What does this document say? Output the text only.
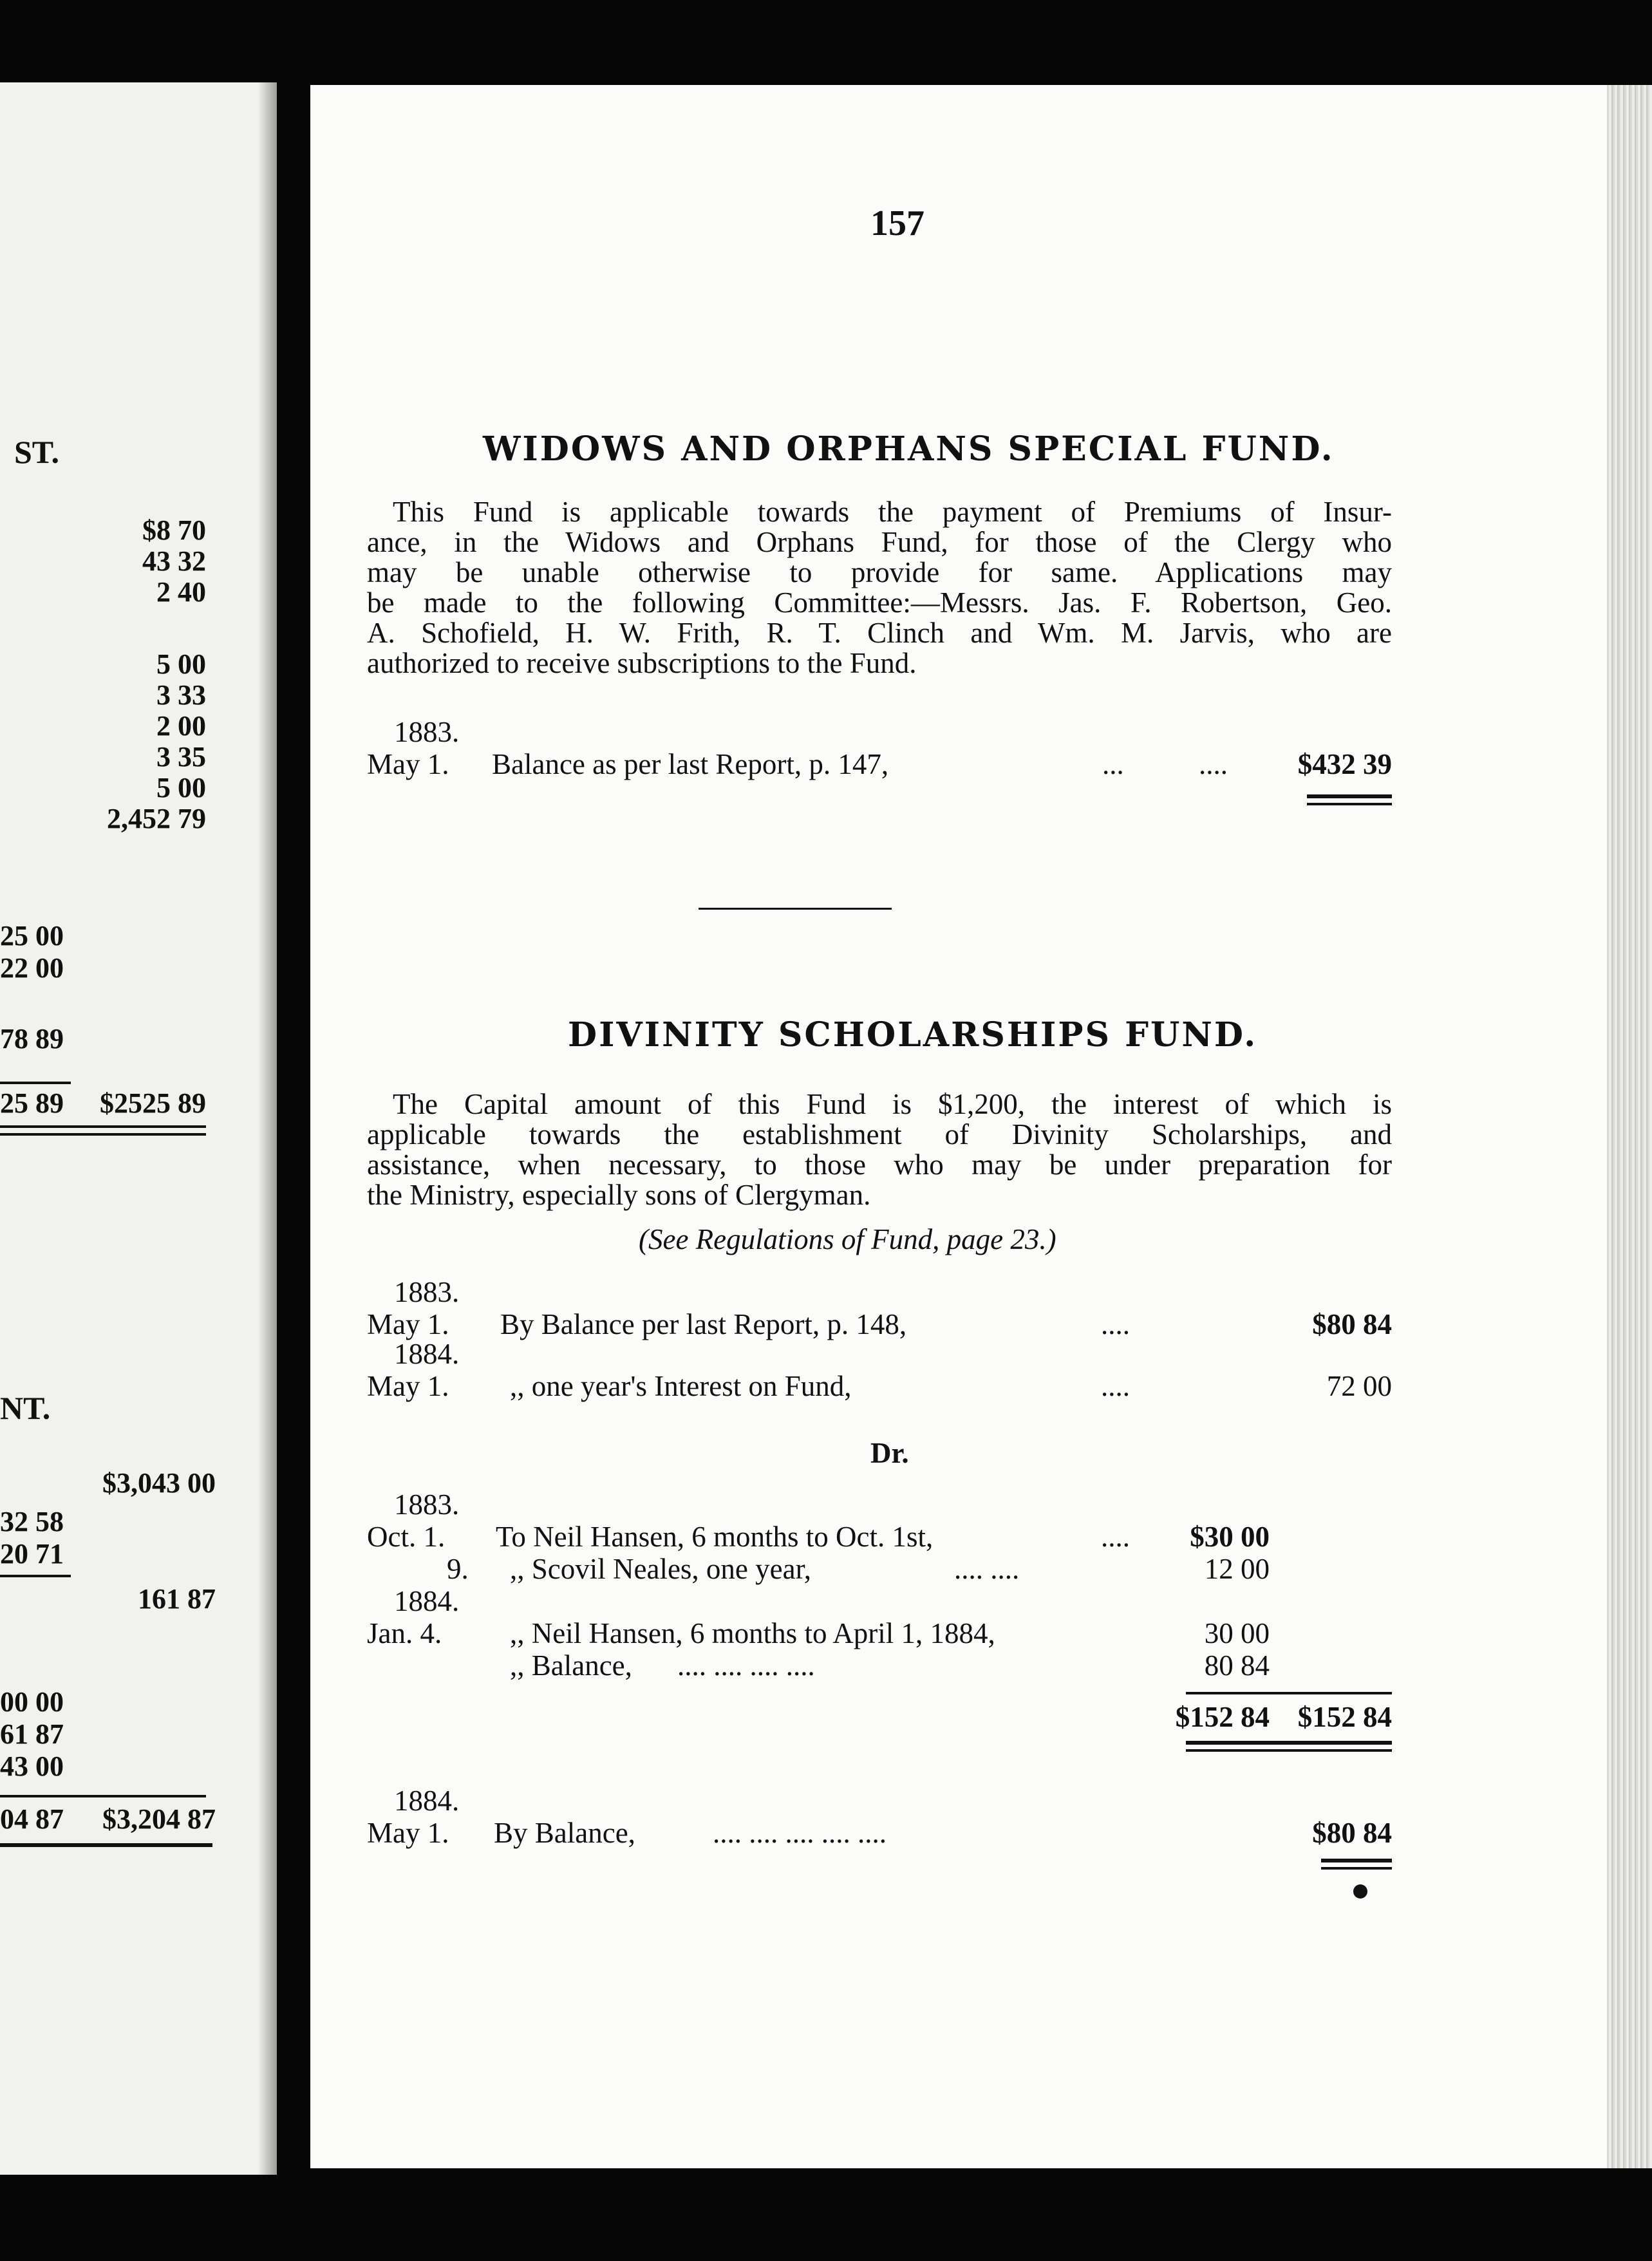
ST.
$8 70
43 32
2 40
5 00
3 33
2 00
3 35
5 00
2,452 79
25 00
22 00
78 89
25 89 $2525 89
NT.
$3,043 00
32 58
20 71
161 87
00 00
61 87
43 00
04 87 $3,204 87
157
WIDOWS AND ORPHANS SPECIAL FUND.
This Fund is applicable towards the payment of Premiums of Insur-
ance, in the Widows and Orphans Fund, for those of the Clergy who
may be unable otherwise to provide for same. Applications may
be made to the following Committee:—Messrs. Jas. F. Robertson, Geo.
A. Schofield, H. W. Frith, R. T. Clinch and Wm. M. Jarvis, who are
authorized to receive subscriptions to the Fund.
1883.
May 1. Balance as per last Report, p. 147,	...	....	$432 39
DIVINITY SCHOLARSHIPS FUND.
The Capital amount of this Fund is $1,200, the interest of which is
applicable towards the establishment of Divinity Scholarships, and
assistance, when necessary, to those who may be under preparation for
the Ministry, especially sons of Clergyman.
(See Regulations of Fund, page 23.)
1883.
May 1. By Balance per last Report, p. 148,	....	$80 84
1884.
May 1. ,, one year's Interest on Fund,	....	72 00
Dr.
1883.
Oct. 1. To Neil Hansen, 6 months to Oct. 1st,	....	$30 00
9. ,, Scovil Neales, one year,	.... ....	12 00
1884.
Jan. 4. ,, Neil Hansen, 6 months to April 1, 1884,	30 00
,, Balance, .... .... .... ....	80 84
$152 84 $152 84
1884.
May 1. By Balance,	.... .... .... .... ....	$80 84
